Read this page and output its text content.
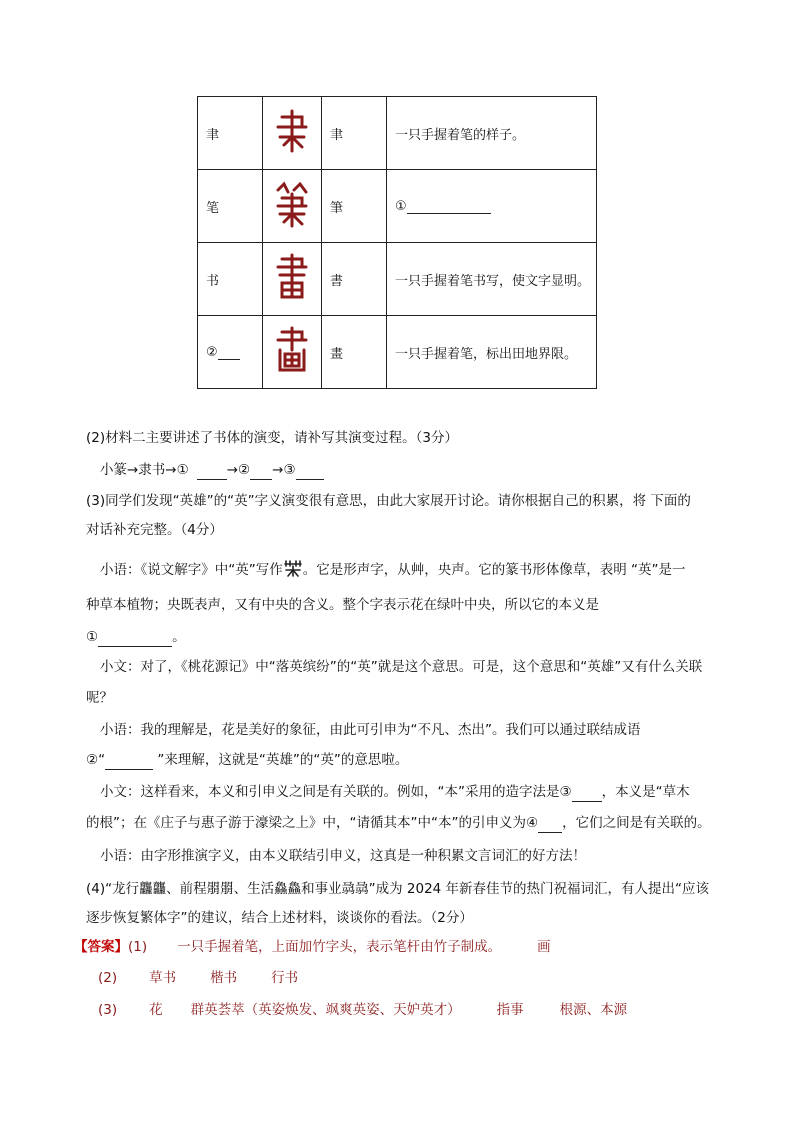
聿		聿	一只手握着笔的样子。
笔		筆	①
书		書	一只手握着笔书写，使文字显明。
②		畫	一只手握着笔，标出田地界限。
(2)材料二主要讲述了书体的演变，请补写其演变过程。（3分）
小篆→隶书→①	→② →③
(3)同学们发现“英雄”的“英”字义演变很有意思，由此大家展开讨论。请你根据自己的积累，将 下面的
对话补充完整。（4分）
小语：《说文解字》中“英”写作 。它是形声字，从艸，央声。它的篆书形体像草，表明 “英”是一
种草本植物；央既表声，又有中央的含义。整个字表示花在绿叶中央，所以它的本义是
①	。
小文：对了，《桃花源记》中“落英缤纷”的“英”就是这个意思。可是，这个意思和“英雄”又有什么关联
呢？
小语：我的理解是，花是美好的象征，由此可引申为“不凡、杰出”。我们可以通过联结成语
②“	”来理解，这就是“英雄”的“英”的意思啦。
小文：这样看来，本义和引申义之间是有关联的。例如，“本”采用的造字法是③ ，本义是“草木
的根”；在《庄子与惠子游于濠梁之上》中，“请循其本”中“本”的引申义为④ ，它们之间是有关联的。
小语：由字形推演字义，由本义联结引申义，这真是一种积累文言词汇的好方法！
(4)“龙行龘龘、前程朤朤、生活鱻鱻和事业骉骉”成为 2024 年新春佳节的热门祝福词汇，有人提出“应该
逐步恢复繁体字”的建议，结合上述材料，谈谈你的看法。（2分）
【答案】(1) 一只手握着笔，上面加竹字头，表示笔杆由竹子制成。	画
(2) 草书	楷书	行书
(3) 花 群英荟萃（英姿焕发、飒爽英姿、天妒英才）	指事	根源、本源
